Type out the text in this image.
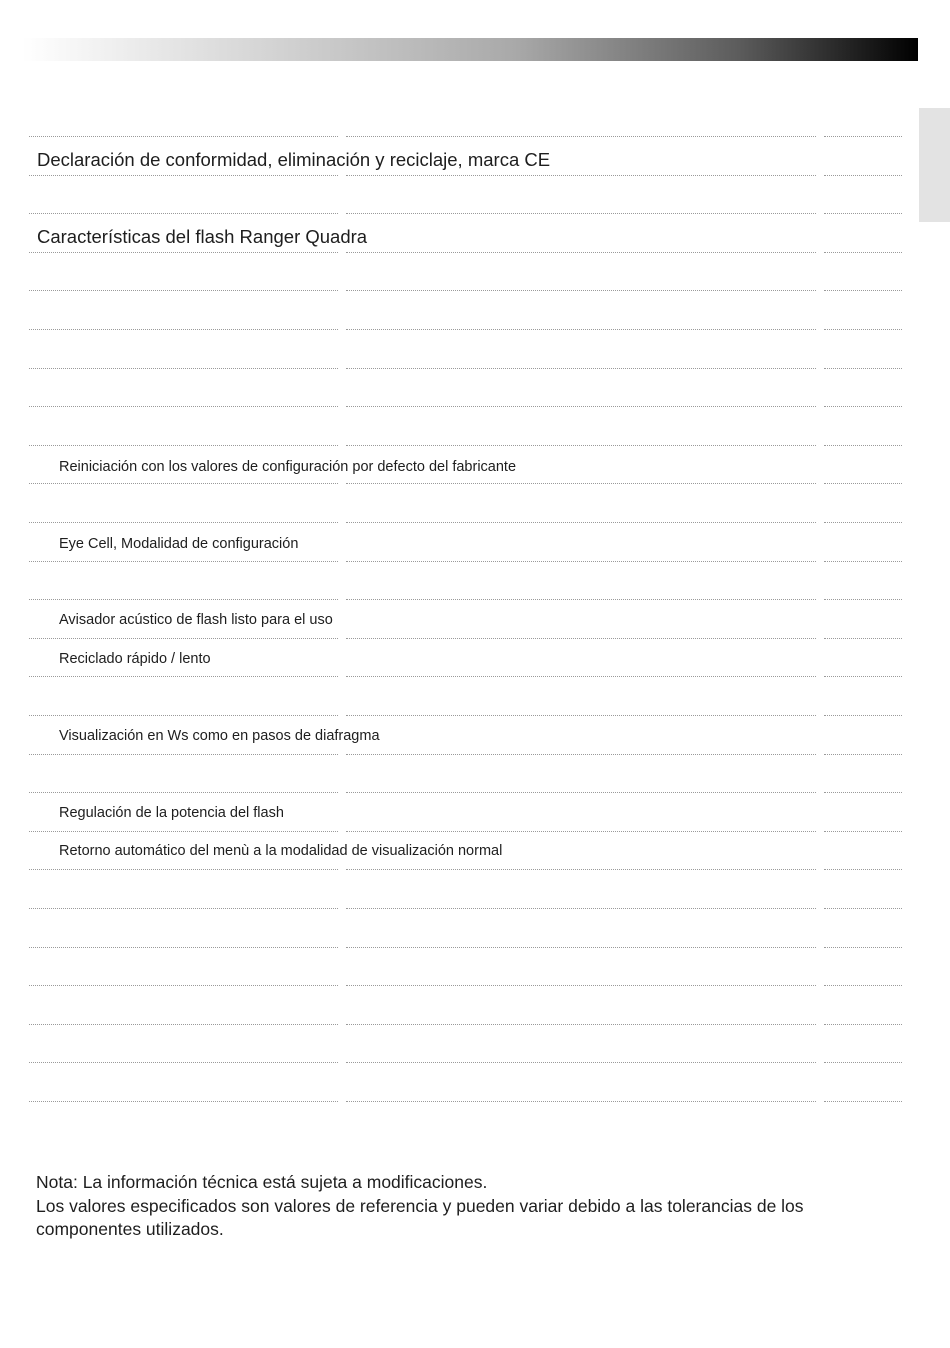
Declaración de conformidad, eliminación y reciclaje, marca CE
Características del flash Ranger Quadra
Reiniciación con los valores de configuración por defecto del fabricante
Eye Cell, Modalidad de configuración
Avisador acústico de flash listo para el uso
Reciclado rápido / lento
Visualización en Ws como en pasos de diafragma
Regulación de la potencia del flash
Retorno automático del menù a la modalidad de visualización normal
Nota: La información técnica está sujeta a modificaciones.
Los valores especificados son valores de referencia y pueden variar debido a las tolerancias de los
componentes utilizados.
